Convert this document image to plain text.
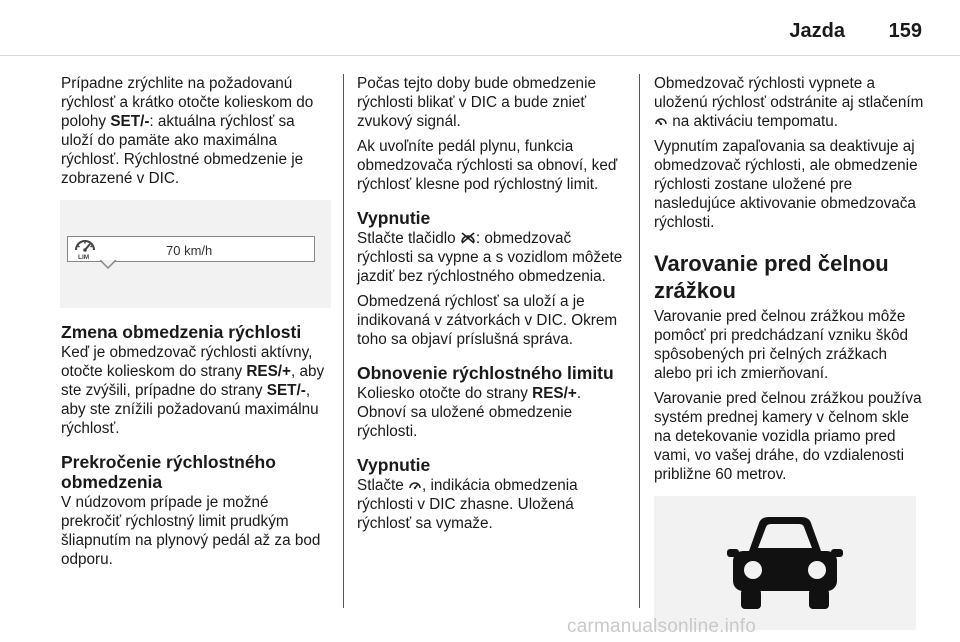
Jazda 159

Prípadne zrýchlite na požadovanú rýchlosť a krátko otočte kolieskom do polohy SET/-: aktuálna rýchlosť sa uloží do pamäte ako maximálna rýchlosť. Rýchlostné obmedzenie je zobrazené v DIC.

LIM	70 km/h
Zmena obmedzenia rýchlosti

Keď je obmedzovač rýchlosti aktívny, otočte kolieskom do strany RES/+, aby ste zvýšili, prípadne do strany SET/-, aby ste znížili požadovanú maximálnu rýchlosť.

Prekročenie rýchlostného obmedzenia

V núdzovom prípade je možné prekročiť rýchlostný limit prudkým šliapnutím na plynový pedál až za bod odporu.

Počas tejto doby bude obmedzenie rýchlosti blikať v DIC a bude znieť zvukový signál.

Ak uvoľníte pedál plynu, funkcia obmedzovača rýchlosti sa obnoví, keď rýchlosť klesne pod rýchlostný limit.

Vypnutie

Stlačte tlačidlo : obmedzovač rýchlosti sa vypne a s vozidlom môžete jazdiť bez rýchlostného obmedzenia.

Obmedzená rýchlosť sa uloží a je indikovaná v zátvorkách v DIC. Okrem toho sa objaví príslušná správa.

Obnovenie rýchlostného limitu

Koliesko otočte do strany RES/+. Obnoví sa uložené obmedzenie rýchlosti.

Vypnutie

Stlačte , indikácia obmedzenia rýchlosti v DIC zhasne. Uložená rýchlosť sa vymaže.

Obmedzovač rýchlosti vypnete a uloženú rýchlosť odstránite aj stlačením  na aktiváciu tempomatu.

Vypnutím zapaľovania sa deaktivuje aj obmedzovač rýchlosti, ale obmedzenie rýchlosti zostane uložené pre nasledujúce aktivovanie obmedzovača rýchlosti.

Varovanie pred čelnou zrážkou

Varovanie pred čelnou zrážkou môže pomôcť pri predchádzaní vzniku škôd spôsobených pri čelných zrážkach alebo pri ich zmierňovaní.

Varovanie pred čelnou zrážkou používa systém prednej kamery v čelnom skle na detekovanie vozidla priamo pred vami, vo vašej dráhe, do vzdialenosti približne 60 metrov.

carmanualsonline.info
